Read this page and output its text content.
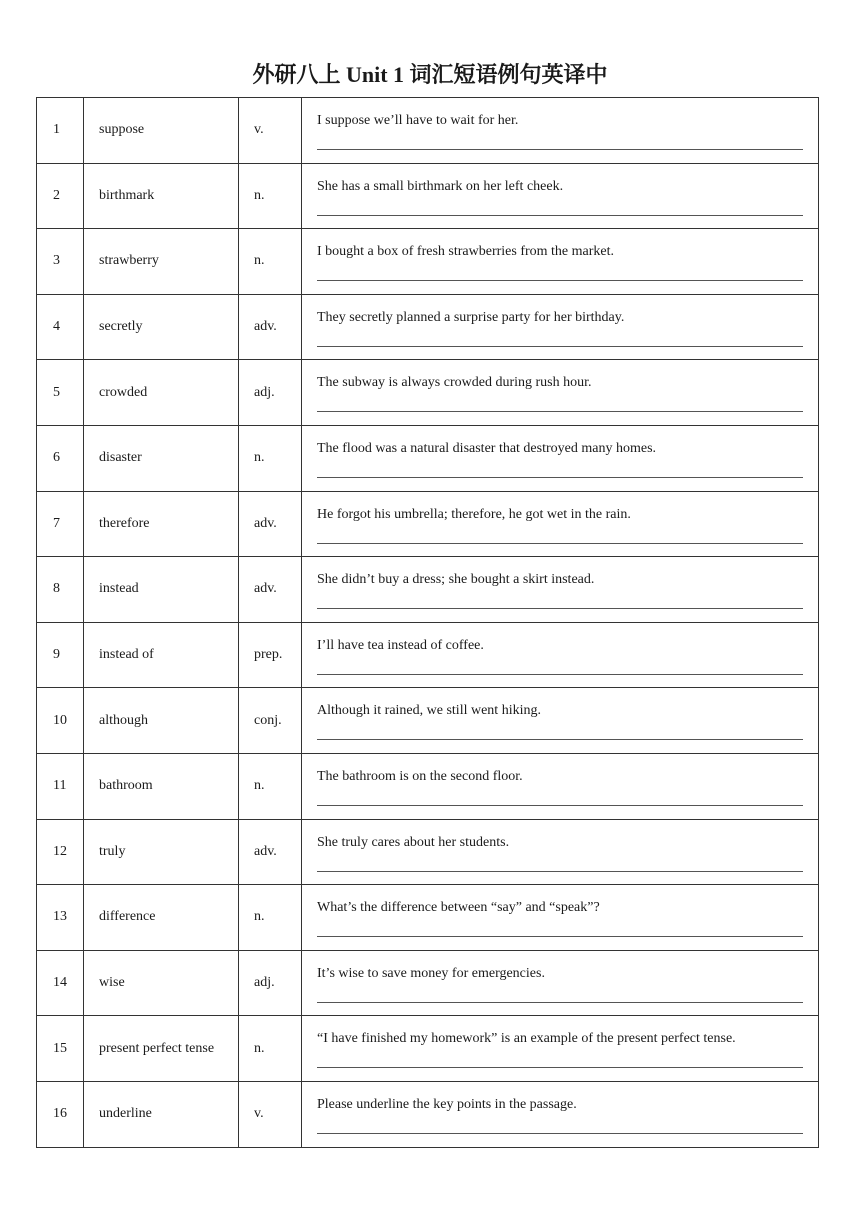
外研八上 Unit 1 词汇短语例句英译中
1	suppose	v.	I suppose we’ll have to wait for her.

2	birthmark	n.	She has a small birthmark on her left cheek.

3	strawberry	n.	I bought a box of fresh strawberries from the market.

4	secretly	adv.	They secretly planned a surprise party for her birthday.

5	crowded	adj.	The subway is always crowded during rush hour.

6	disaster	n.	The flood was a natural disaster that destroyed many homes.

7	therefore	adv.	He forgot his umbrella; therefore, he got wet in the rain.

8	instead	adv.	She didn’t buy a dress; she bought a skirt instead.

9	instead of	prep.	I’ll have tea instead of coffee.

10	although	conj.	Although it rained, we still went hiking.

11	bathroom	n.	The bathroom is on the second floor.

12	truly	adv.	She truly cares about her students.

13	difference	n.	What’s the difference between “say” and “speak”?

14	wise	adj.	It’s wise to save money for emergencies.

15	present perfect tense	n.	“I have finished my homework” is an example of the present perfect tense.

16	underline	v.	Please underline the key points in the passage.
